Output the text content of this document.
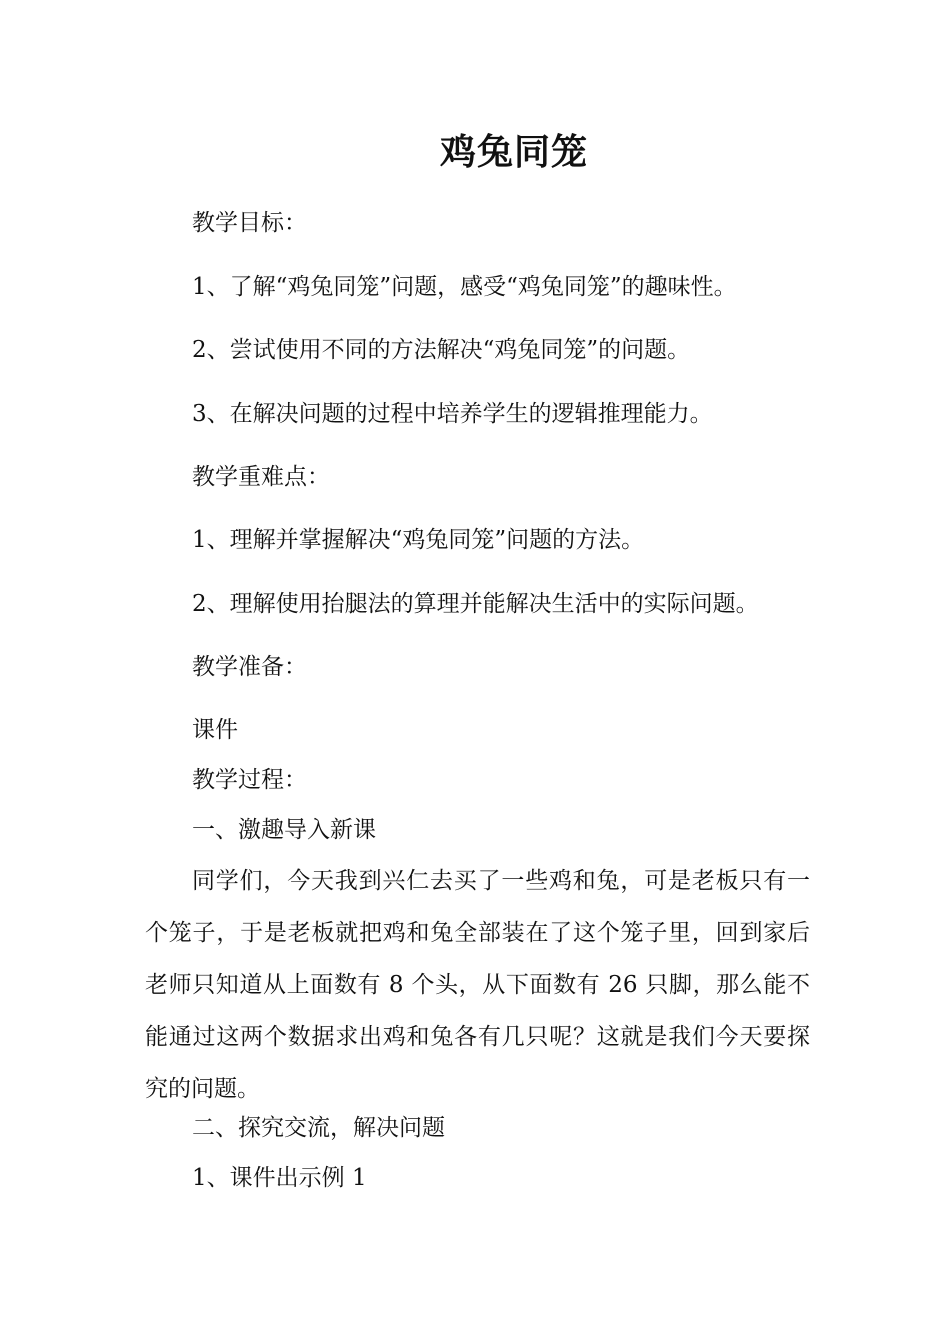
鸡兔同笼
教学目标：
1、了解“鸡兔同笼”问题，感受“鸡兔同笼”的趣味性。
2、尝试使用不同的方法解决“鸡兔同笼”的问题。
3、在解决问题的过程中培养学生的逻辑推理能力。
教学重难点：
1、理解并掌握解决“鸡兔同笼”问题的方法。
2、理解使用抬腿法的算理并能解决生活中的实际问题。
教学准备：
课件
教学过程：
一、激趣导入新课
同学们，今天我到兴仁去买了一些鸡和兔，可是老板只有一个笼子，于是老板就把鸡和兔全部装在了这个笼子里，回到家后老师只知道从上面数有 8 个头，从下面数有 26 只脚，那么能不能通过这两个数据求出鸡和兔各有几只呢？这就是我们今天要探究的问题。
二、探究交流，解决问题
1、课件出示例 1
